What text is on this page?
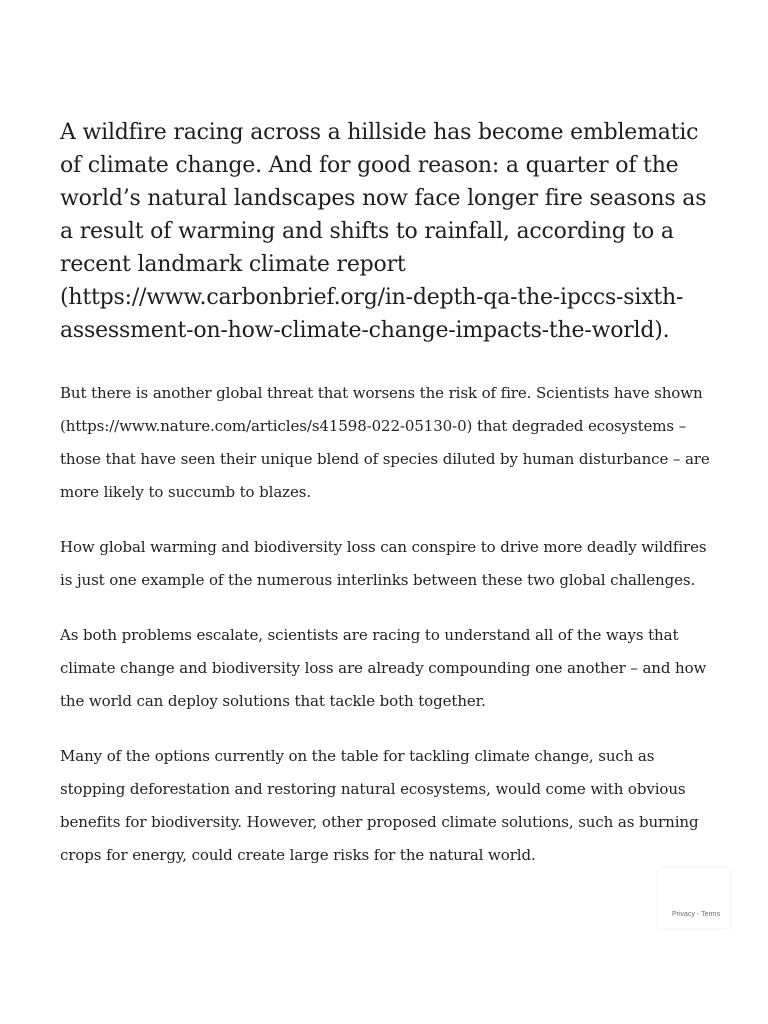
A wildfire racing across a hillside has become emblematic of climate change. And for good reason: a quarter of the world’s natural landscapes now face longer fire seasons as a result of warming and shifts to rainfall, according to a recent landmark climate report (https://www.carbonbrief.org/in-depth-qa-the-ipccs-sixth-assessment-on-how-climate-change-impacts-the-world).

But there is another global threat that worsens the risk of fire. Scientists have shown (https://www.nature.com/articles/s41598-022-05130-0) that degraded ecosystems – those that have seen their unique blend of species diluted by human disturbance – are more likely to succumb to blazes.

How global warming and biodiversity loss can conspire to drive more deadly wildfires is just one example of the numerous interlinks between these two global challenges.

As both problems escalate, scientists are racing to understand all of the ways that climate change and biodiversity loss are already compounding one another – and how the world can deploy solutions that tackle both together.

Many of the options currently on the table for tackling climate change, such as stopping deforestation and restoring natural ecosystems, would come with obvious benefits for biodiversity. However, other proposed climate solutions, such as burning crops for energy, could create large risks for the natural world.

Privacy - Terms
